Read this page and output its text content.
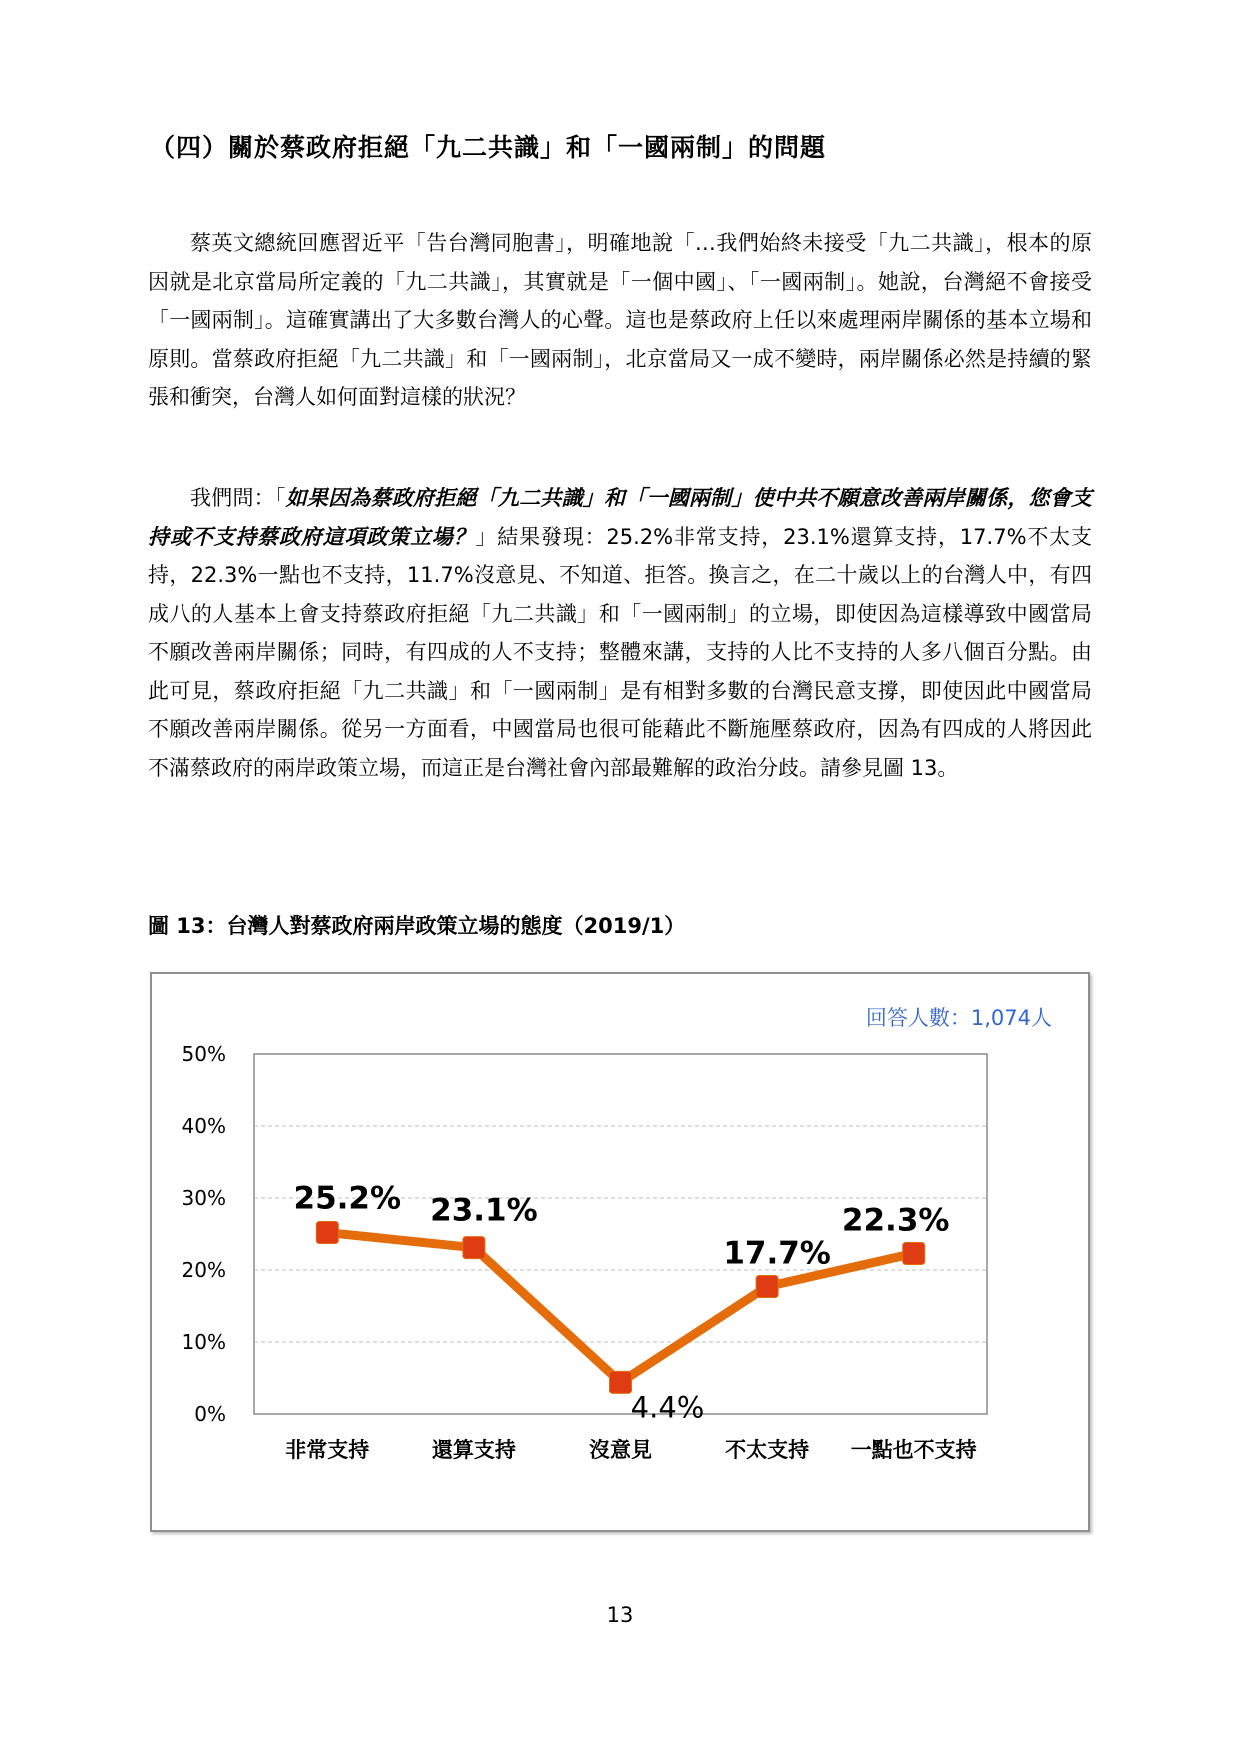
（四）關於蔡政府拒絕「九二共識」和「一國兩制」的問題

蔡英文總統回應習近平「告台灣同胞書」，明確地說「…我們始終未接受「九二共識」，根本的原因就是北京當局所定義的「九二共識」，其實就是「一個中國」、「一國兩制」。她說，台灣絕不會接受「一國兩制」。這確實講出了大多數台灣人的心聲。這也是蔡政府上任以來處理兩岸關係的基本立場和原則。當蔡政府拒絕「九二共識」和「一國兩制」，北京當局又一成不變時，兩岸關係必然是持續的緊張和衝突，台灣人如何面對這樣的狀況？

我們問：「如果因為蔡政府拒絕「九二共識」和「一國兩制」使中共不願意改善兩岸關係，您會支持或不支持蔡政府這項政策立場？」結果發現：25.2%非常支持，23.1%還算支持，17.7%不太支持，22.3%一點也不支持，11.7%沒意見、不知道、拒答。換言之，在二十歲以上的台灣人中，有四成八的人基本上會支持蔡政府拒絕「九二共識」和「一國兩制」的立場，即使因為這樣導致中國當局不願改善兩岸關係；同時，有四成的人不支持；整體來講，支持的人比不支持的人多八個百分點。由此可見，蔡政府拒絕「九二共識」和「一國兩制」是有相對多數的台灣民意支撐，即使因此中國當局不願改善兩岸關係。從另一方面看，中國當局也很可能藉此不斷施壓蔡政府，因為有四成的人將因此不滿蔡政府的兩岸政策立場，而這正是台灣社會內部最難解的政治分歧。請參見圖 13。

圖 13：台灣人對蔡政府兩岸政策立場的態度（2019/1）

0%
10%
20%
30%
40%
50%
非常支持	還算支持	沒意見	不太支持 一點也不支持
25.2% 23.1%
4.4%
17.7%
22.3%
回答人數：1,074人

13
